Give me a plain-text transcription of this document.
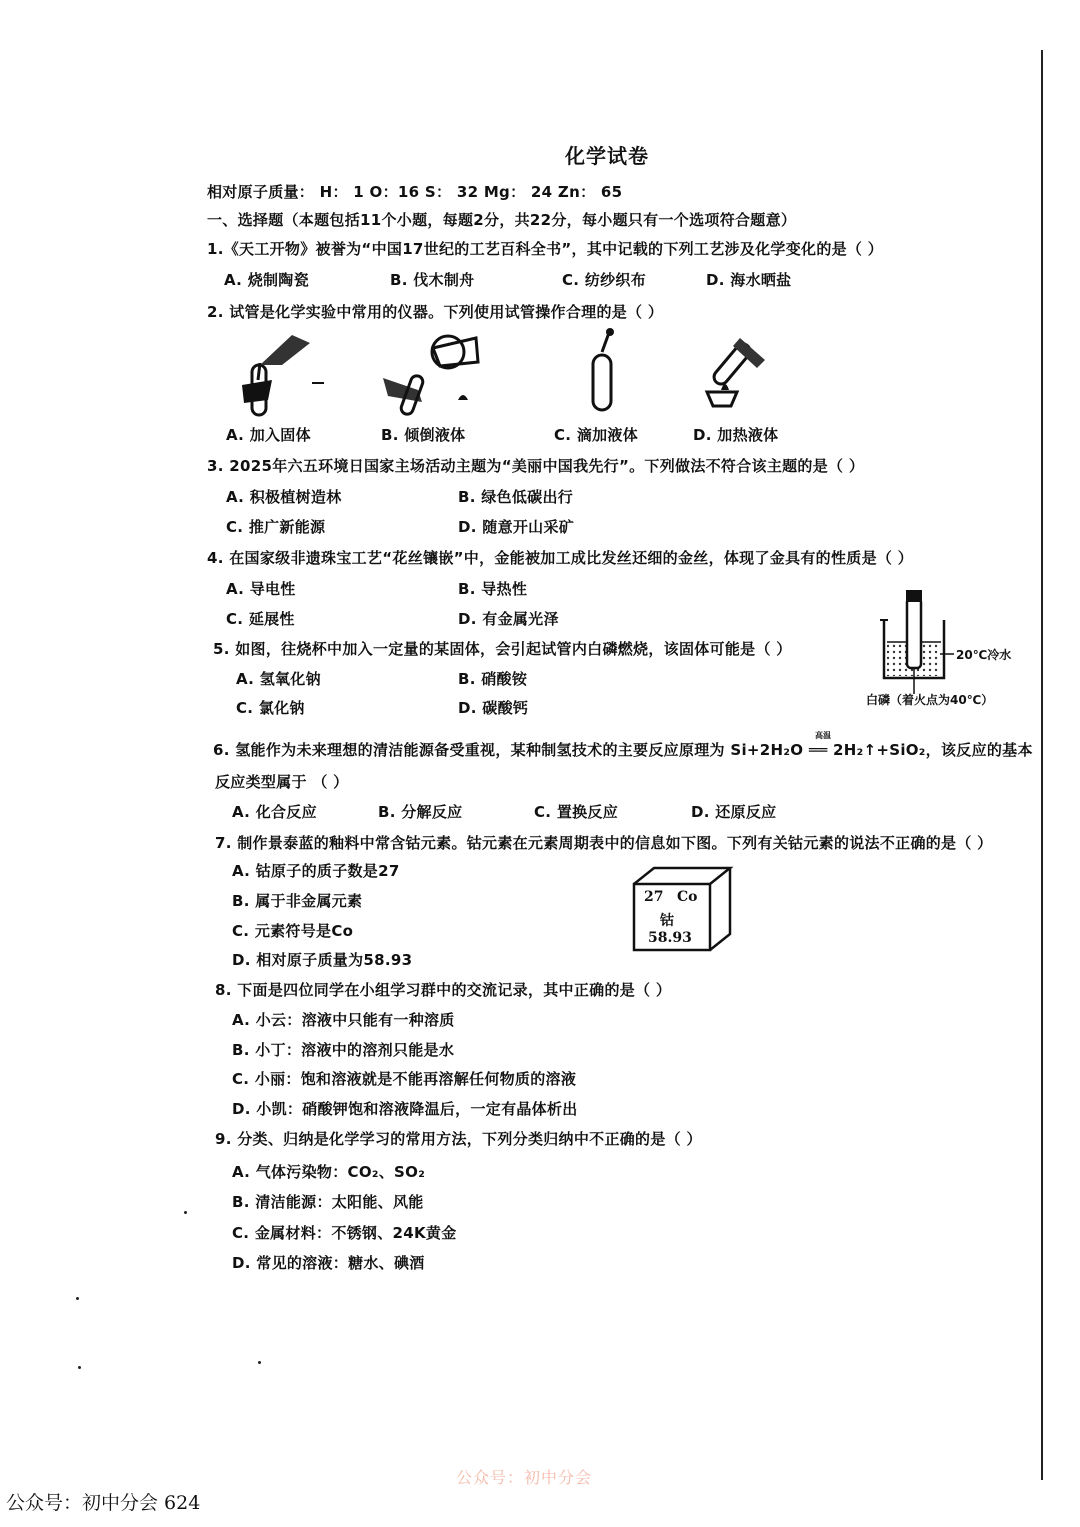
化学试卷
相对原子质量： H： 1 O：16 S： 32 Mg： 24 Zn： 65
一、选择题（本题包括11个小题，每题2分，共22分，每小题只有一个选项符合题意）
1.《天工开物》被誉为“中国17世纪的工艺百科全书”，其中记载的下列工艺涉及化学变化的是（ ）
A. 烧制陶瓷	B. 伐木制舟	C. 纺纱织布	D. 海水晒盐
2. 试管是化学实验中常用的仪器。下列使用试管操作合理的是（ ）
A. 加入固体	B. 倾倒液体	C. 滴加液体	D. 加热液体
3. 2025年六五环境日国家主场活动主题为“美丽中国我先行”。下列做法不符合该主题的是（ ）
A. 积极植树造林	B. 绿色低碳出行
C. 推广新能源	D. 随意开山采矿
4. 在国家级非遗珠宝工艺“花丝镶嵌”中，金能被加工成比发丝还细的金丝，体现了金具有的性质是（ ）
A. 导电性	B. 导热性
C. 延展性	D. 有金属光泽
5. 如图，往烧杯中加入一定量的某固体，会引起试管内白磷燃烧，该固体可能是（ ）
A. 氢氧化钠	B. 硝酸铵
C. 氯化钠	D. 碳酸钙
20℃冷水
白磷（着火点为40℃）
高温
6. 氢能作为未来理想的清洁能源备受重视，某种制氢技术的主要反应原理为 Si+2H₂O ══ 2H₂↑+SiO₂，该反应的基本
反应类型属于 （ ）
A. 化合反应	B. 分解反应	C. 置换反应	D. 还原反应
7. 制作景泰蓝的釉料中常含钴元素。钴元素在元素周期表中的信息如下图。下列有关钴元素的说法不正确的是（ ）
A. 钴原子的质子数是27
B. 属于非金属元素
C. 元素符号是Co
D. 相对原子质量为58.93
27 Co
钴
58.93
8. 下面是四位同学在小组学习群中的交流记录，其中正确的是（ ）
A. 小云：溶液中只能有一种溶质
B. 小丁：溶液中的溶剂只能是水
C. 小丽：饱和溶液就是不能再溶解任何物质的溶液
D. 小凯：硝酸钾饱和溶液降温后，一定有晶体析出
9. 分类、归纳是化学学习的常用方法，下列分类归纳中不正确的是（ ）
A. 气体污染物：CO₂、SO₂
B. 清洁能源：太阳能、风能
C. 金属材料：不锈钢、24K黄金
D. 常见的溶液：糖水、碘酒
公众号：初中分会
公众号：初中分会 624
